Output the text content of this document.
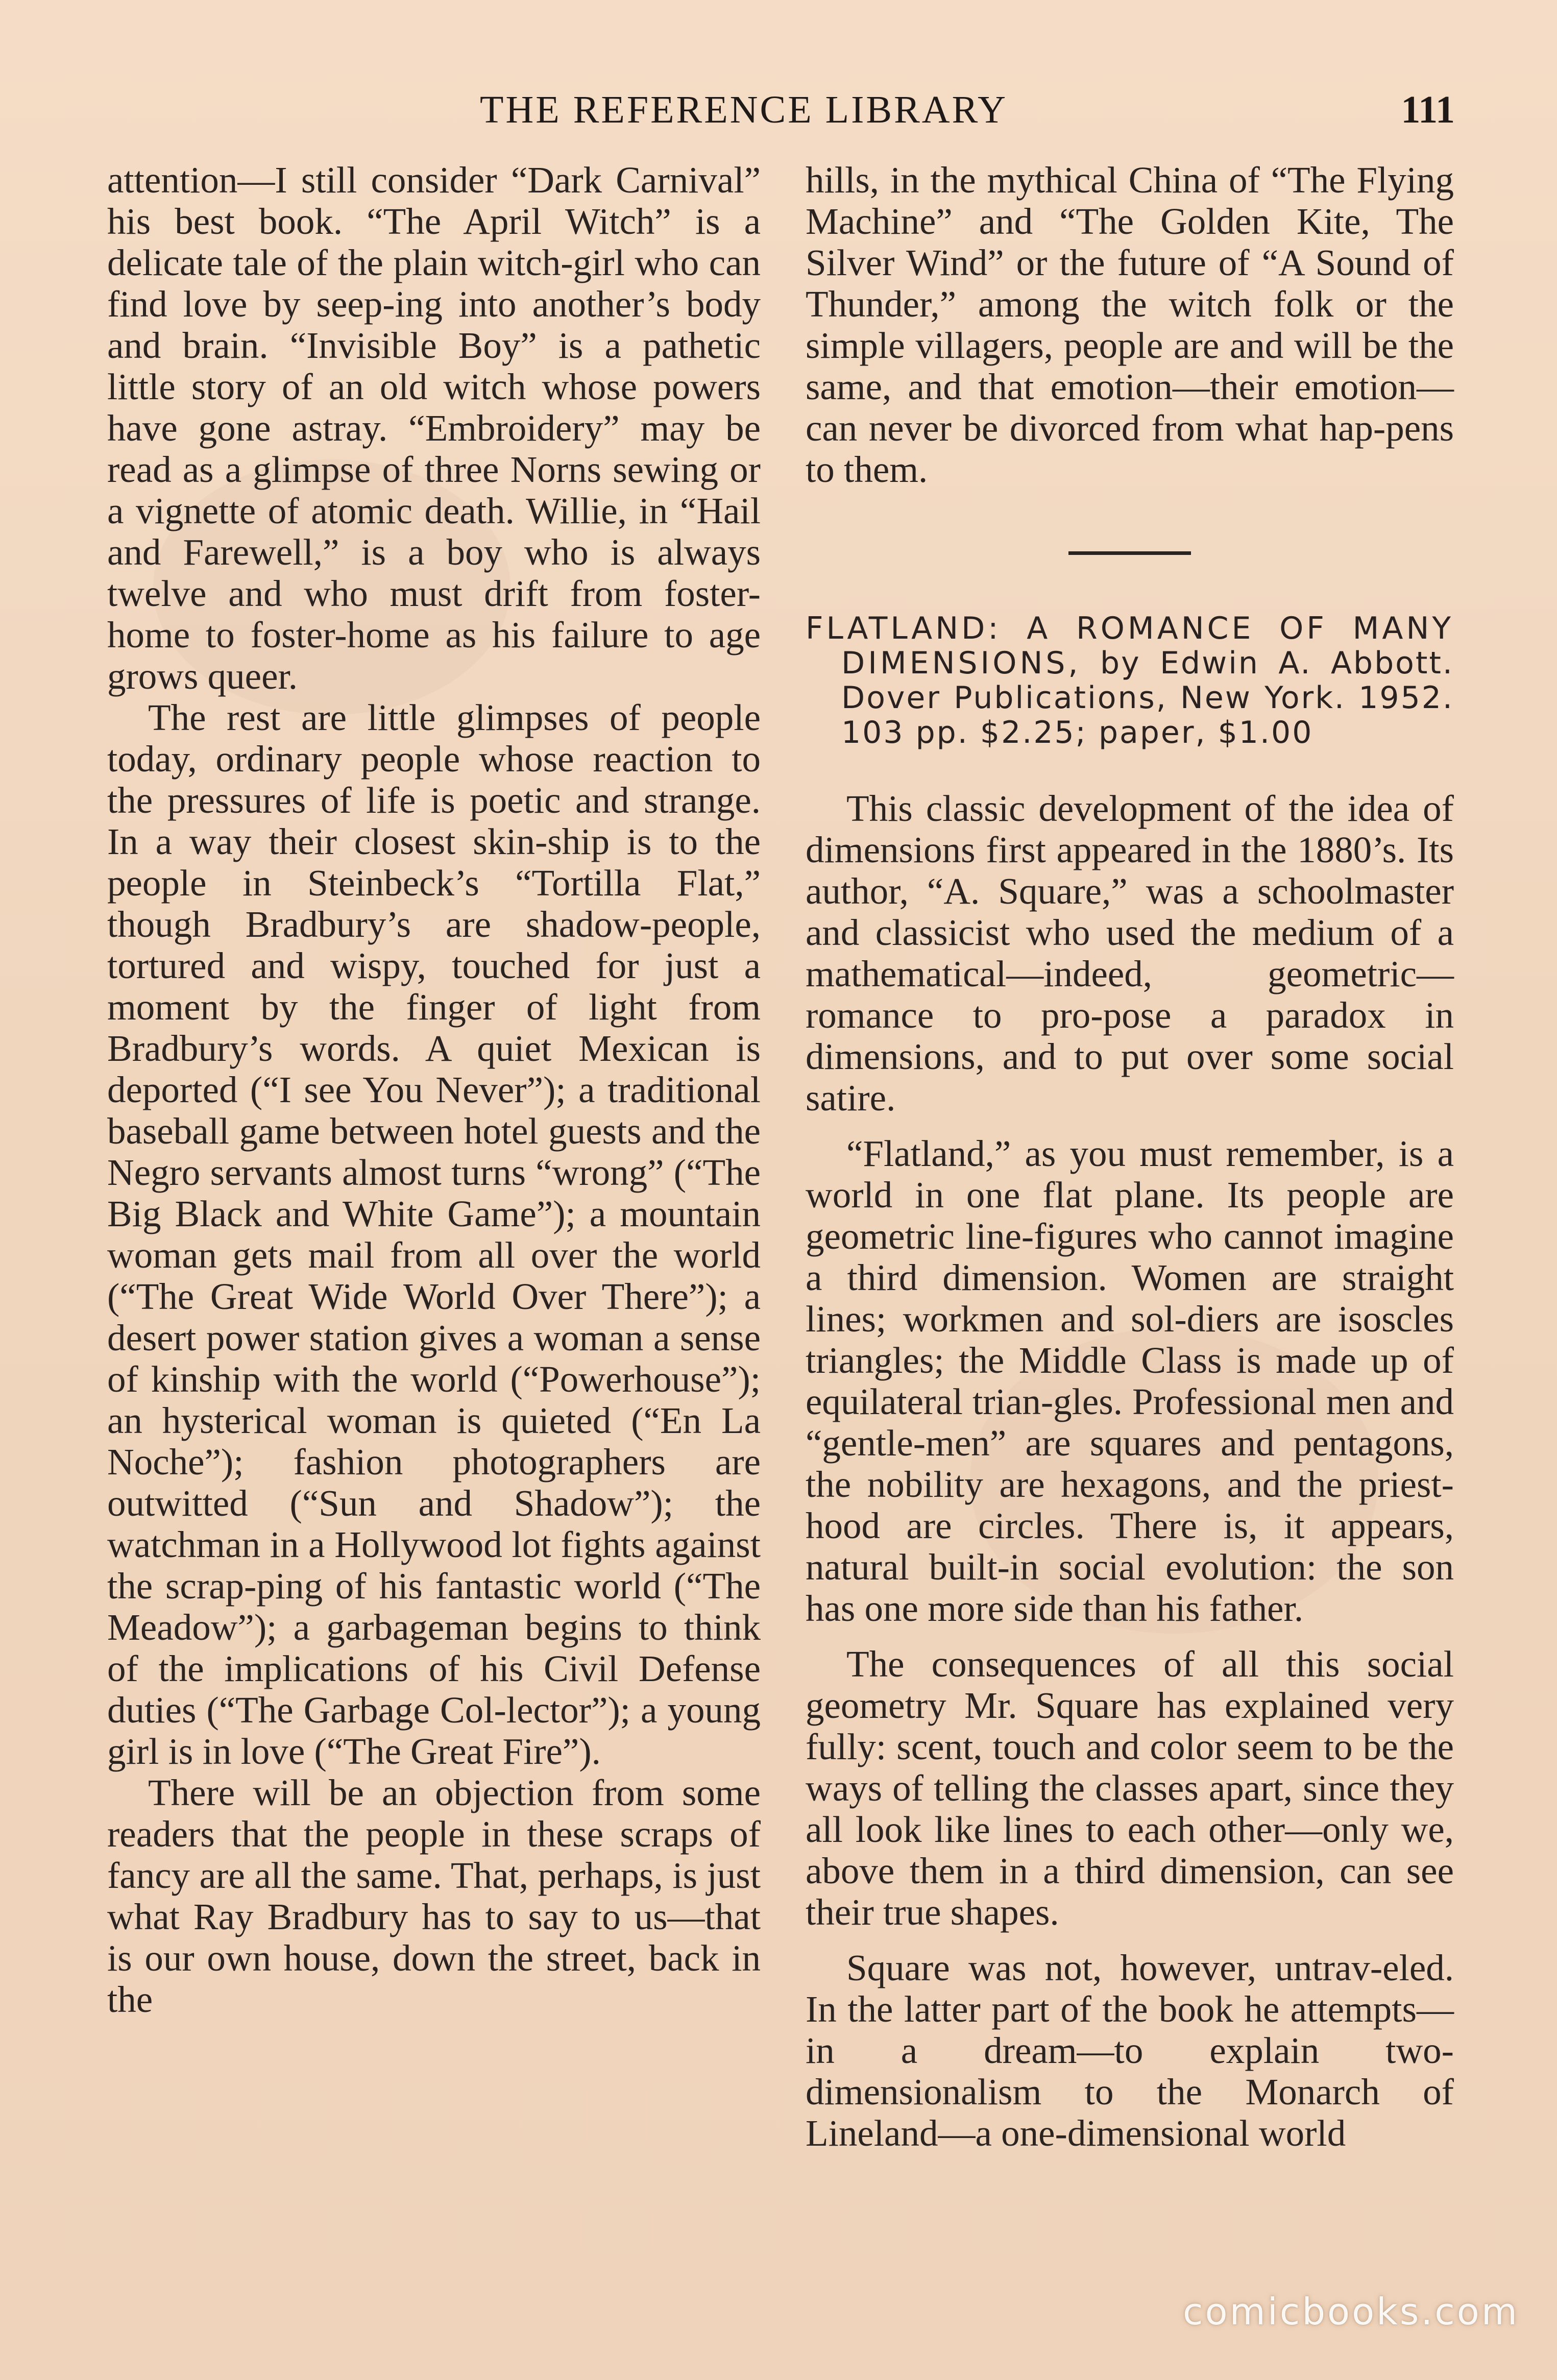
THE REFERENCE LIBRARY	111

attention—I still consider “Dark Carnival” his best book. “The April Witch” is a delicate tale of the plain witch-girl who can find love by seep-ing into another’s body and brain. “Invisible Boy” is a pathetic little story of an old witch whose powers have gone astray. “Embroidery” may be read as a glimpse of three Norns sewing or a vignette of atomic death. Willie, in “Hail and Farewell,” is a boy who is always twelve and who must drift from foster-home to foster-home as his failure to age grows queer.

The rest are little glimpses of people today, ordinary people whose reaction to the pressures of life is poetic and strange. In a way their closest skin-ship is to the people in Steinbeck’s “Tortilla Flat,” though Bradbury’s are shadow-people, tortured and wispy, touched for just a moment by the finger of light from Bradbury’s words. A quiet Mexican is deported (“I see You Never”); a traditional baseball game between hotel guests and the Negro servants almost turns “wrong” (“The Big Black and White Game”); a mountain woman gets mail from all over the world (“The Great Wide World Over There”); a desert power station gives a woman a sense of kinship with the world (“Powerhouse”); an hysterical woman is quieted (“En La Noche”); fashion photographers are outwitted (“Sun and Shadow”); the watchman in a Hollywood lot fights against the scrap-ping of his fantastic world (“The Meadow”); a garbageman begins to think of the implications of his Civil Defense duties (“The Garbage Col-lector”); a young girl is in love (“The Great Fire”).

There will be an objection from some readers that the people in these scraps of fancy are all the same. That, perhaps, is just what Ray Bradbury has to say to us—that is our own house, down the street, back in the

hills, in the mythical China of “The Flying Machine” and “The Golden Kite, The Silver Wind” or the future of “A Sound of Thunder,” among the witch folk or the simple villagers, people are and will be the same, and that emotion—their emotion—can never be divorced from what hap-pens to them.

FLATLAND: A ROMANCE OF MANY DIMENSIONS, by Edwin A. Abbott. Dover Publications, New York. 1952. 103 pp. $2.25; paper, $1.00

This classic development of the idea of dimensions first appeared in the 1880’s. Its author, “A. Square,” was a schoolmaster and classicist who used the medium of a mathematical—indeed, geometric—romance to pro-pose a paradox in dimensions, and to put over some social satire.

“Flatland,” as you must remember, is a world in one flat plane. Its people are geometric line-figures who cannot imagine a third dimension. Women are straight lines; workmen and sol-diers are isoscles triangles; the Middle Class is made up of equilateral trian-gles. Professional men and “gentle-men” are squares and pentagons, the nobility are hexagons, and the priest-hood are circles. There is, it appears, natural built-in social evolution: the son has one more side than his father.

The consequences of all this social geometry Mr. Square has explained very fully: scent, touch and color seem to be the ways of telling the classes apart, since they all look like lines to each other—only we, above them in a third dimension, can see their true shapes.

Square was not, however, untrav-eled. In the latter part of the book he attempts—in a dream—to explain two-dimensionalism to the Monarch of Lineland—a one-dimensional world

comicbooks.com
